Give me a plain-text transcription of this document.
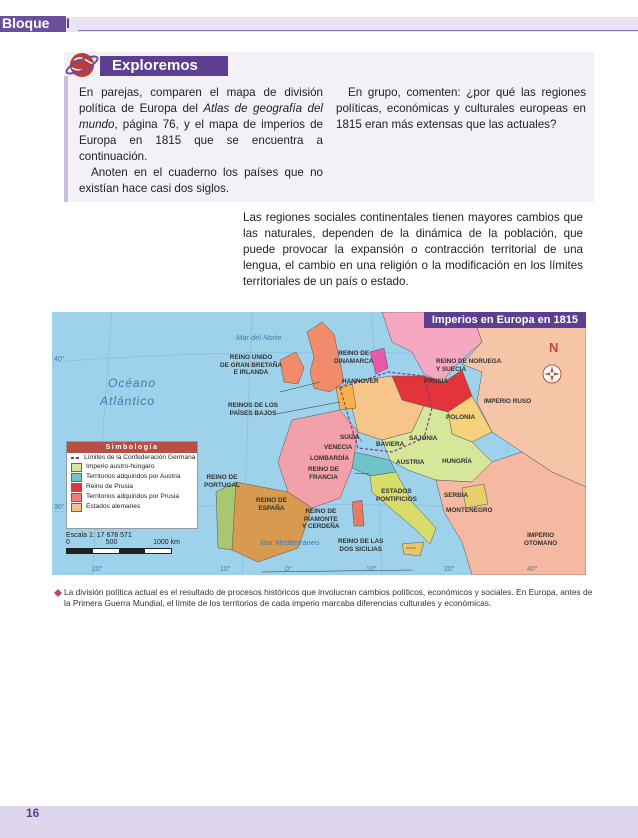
Bloque I
Exploremos
En parejas, comparen el mapa de división política de Europa del Atlas de geografía del mundo, página 76, y el mapa de imperios de Europa en 1815 que se encuentra a continuación.
Anoten en el cuaderno los países que no existían hace casi dos siglos.
En grupo, comenten: ¿por qué las regiones políticas, económicas y culturales europeas en 1815 eran más extensas que las actuales?
Las regiones sociales continentales tienen mayores cambios que las naturales, dependen de la dinámica de la población, que puede provocar la expansión o contracción territorial de una lengua, el cambio en una religión o la modificación en los límites territoriales de un país o estado.
Imperios en Europa en 1815
N
Mar del Norte
Océano
Atlántico
Mar Mediterráneo
40°
30°
20°	10°	0°	10°	20°	40°
REINO UNIDO
DE GRAN BRETAÑA
E IRLANDA
REINO DE
DINAMARCA	REINO DE NORUEGA
Y SUECIA
HANNOVER	PRUSIA
IMPERIO RUSO
REINOS DE LOS
PAÍSES BAJOS
POLONIA
SAJONIA
SUIZA
BAVIERA
VENECIA
LOMBARDÍA
AUSTRIA	HUNGRÍA
REINO DE
FRANCIA
REINO DE
PORTUGAL
REINO DE
ESPAÑA
ESTADOS
PONTIFICIOS	SERBIA
MONTENEGRO
REINO DE
PIAMONTE
Y CERDEÑA
REINO DE LAS
DOS SICILIAS
IMPERIO
OTOMANO
Simbología
Límites de la Confederación Germana
Imperio austro-húngaro
Territorios adquiridos por Austria
Reino de Prusia
Territorios adquiridos por Prusia
Estados alemanes
Escala 1: 17 678 571
0	500	1000 km
La división política actual es el resultado de procesos históricos que involucran cambios políticos, económicos y sociales. En Europa, antes de la Primera Guerra Mundial, el límite de los territorios de cada imperio marcaba diferencias culturales y económicas.
16
